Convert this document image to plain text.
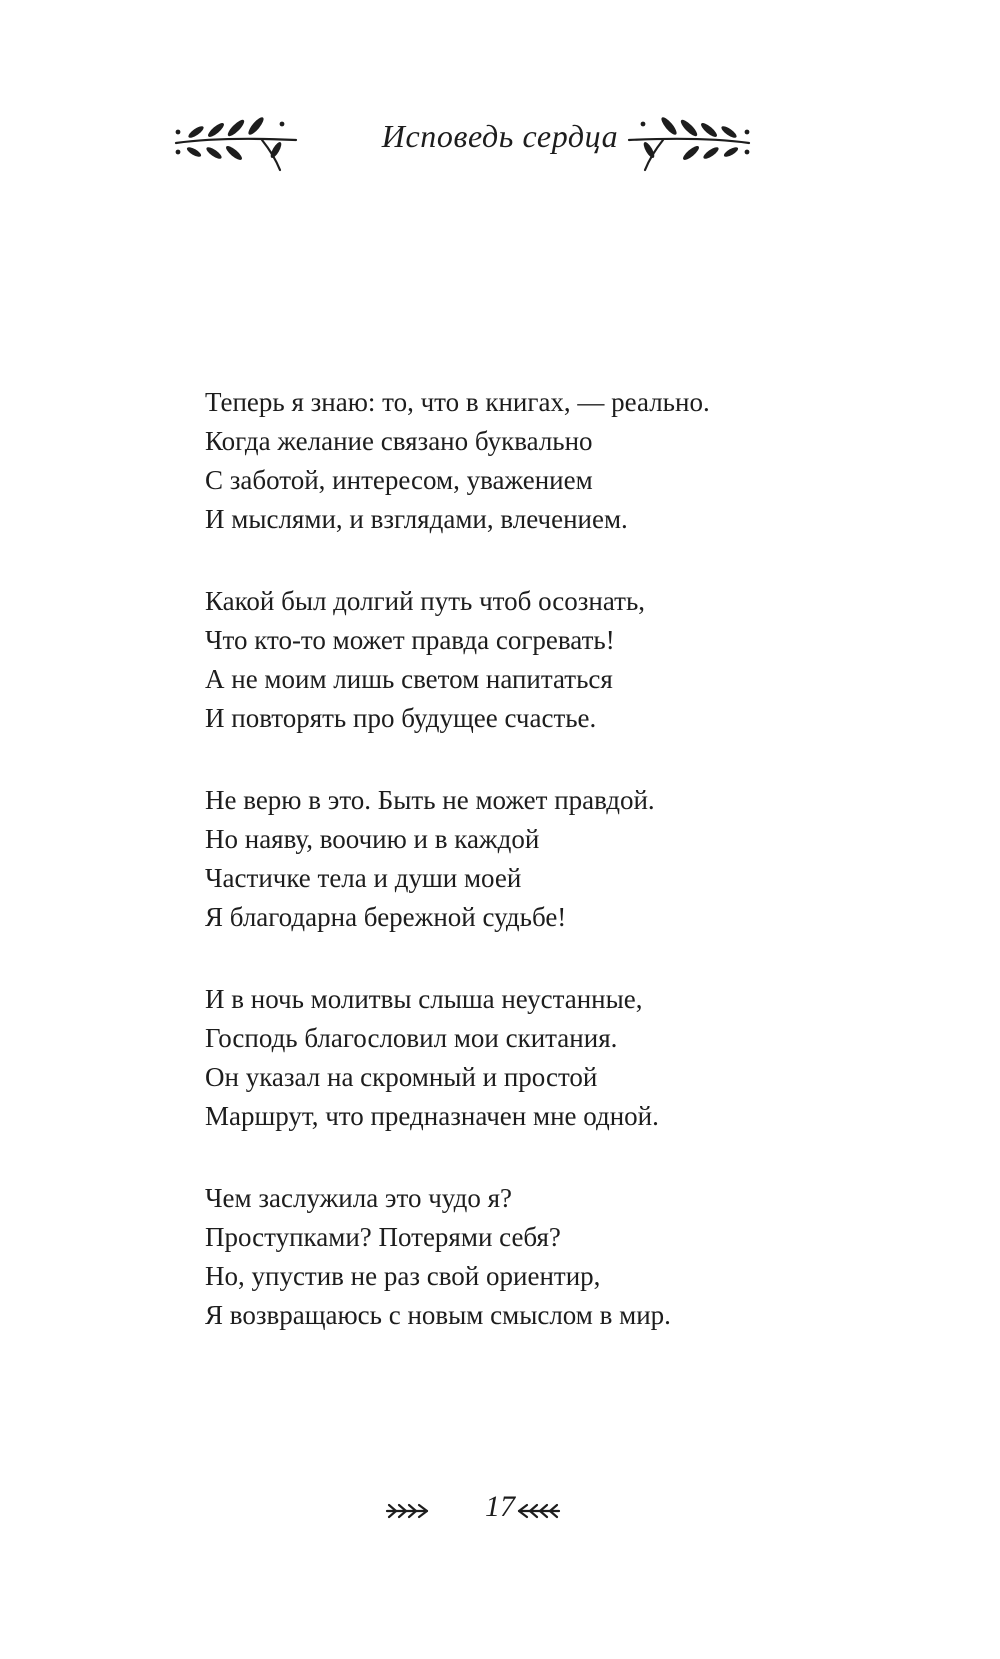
Исповедь сердца
Теперь я знаю: то, что в книгах, — реально.
Когда желание связано буквально
С заботой, интересом, уважением
И мыслями, и взглядами, влечением.
Какой был долгий путь чтоб осознать,
Что кто-то может правда согревать!
А не моим лишь светом напитаться
И повторять про будущее счастье.
Не верю в это. Быть не может правдой.
Но наяву, воочию и в каждой
Частичке тела и души моей
Я благодарна бережной судьбе!
И в ночь молитвы слыша неустанные,
Господь благословил мои скитания.
Он указал на скромный и простой
Маршрут, что предназначен мне одной.
Чем заслужила это чудо я?
Проступками? Потерями себя?
Но, упустив не раз свой ориентир,
Я возвращаюсь с новым смыслом в мир.
17
